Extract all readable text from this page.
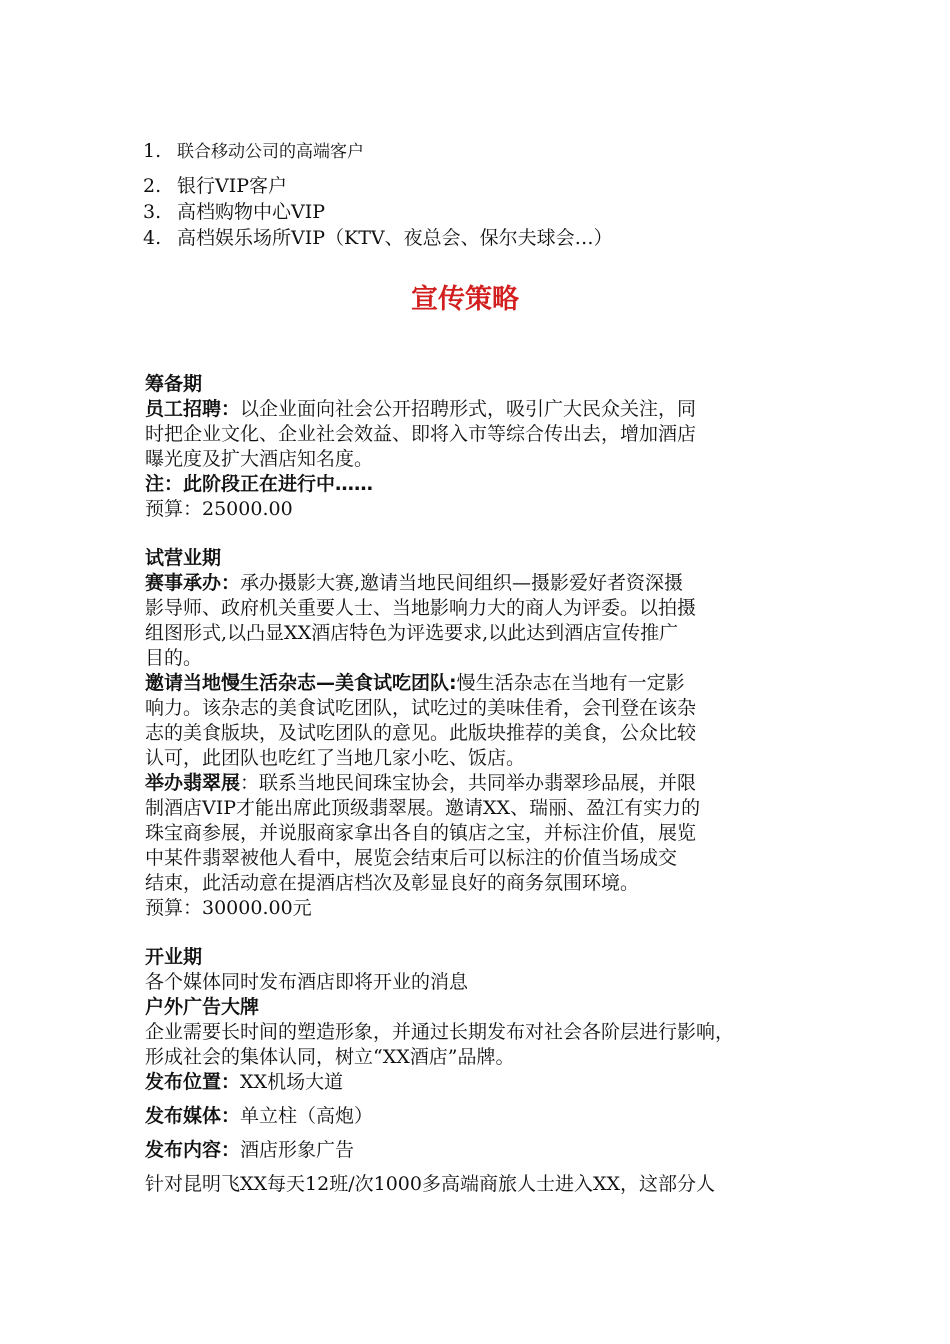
1. 联合移动公司的高端客户
2. 银行VIP客户
3. 高档购物中心VIP
4. 高档娱乐场所VIP（KTV、夜总会、保尔夫球会…）
宣传策略
筹备期
员工招聘：以企业面向社会公开招聘形式，吸引广大民众关注，同
时把企业文化、企业社会效益、即将入市等综合传出去，增加酒店
曝光度及扩大酒店知名度。
注：此阶段正在进行中……
预算：25000.00
试营业期
赛事承办：承办摄影大赛,邀请当地民间组织—摄影爱好者资深摄
影导师、政府机关重要人士、当地影响力大的商人为评委。以拍摄
组图形式,以凸显XX酒店特色为评选要求,以此达到酒店宣传推广
目的。
邀请当地慢生活杂志—美食试吃团队:慢生活杂志在当地有一定影
响力。该杂志的美食试吃团队，试吃过的美味佳肴，会刊登在该杂
志的美食版块，及试吃团队的意见。此版块推荐的美食，公众比较
认可，此团队也吃红了当地几家小吃、饭店。
举办翡翠展：联系当地民间珠宝协会，共同举办翡翠珍品展，并限
制酒店VIP才能出席此顶级翡翠展。邀请XX、瑞丽、盈江有实力的
珠宝商参展，并说服商家拿出各自的镇店之宝，并标注价值，展览
中某件翡翠被他人看中，展览会结束后可以标注的价值当场成交
结束，此活动意在提酒店档次及彰显良好的商务氛围环境。
预算：30000.00元
开业期
各个媒体同时发布酒店即将开业的消息
户外广告大牌
企业需要长时间的塑造形象，并通过长期发布对社会各阶层进行影响，
形成社会的集体认同，树立“XX酒店”品牌。
发布位置：XX机场大道
发布媒体：单立柱（高炮）
发布内容：酒店形象广告
针对昆明飞XX每天12班/次1000多高端商旅人士进入XX，这部分人
